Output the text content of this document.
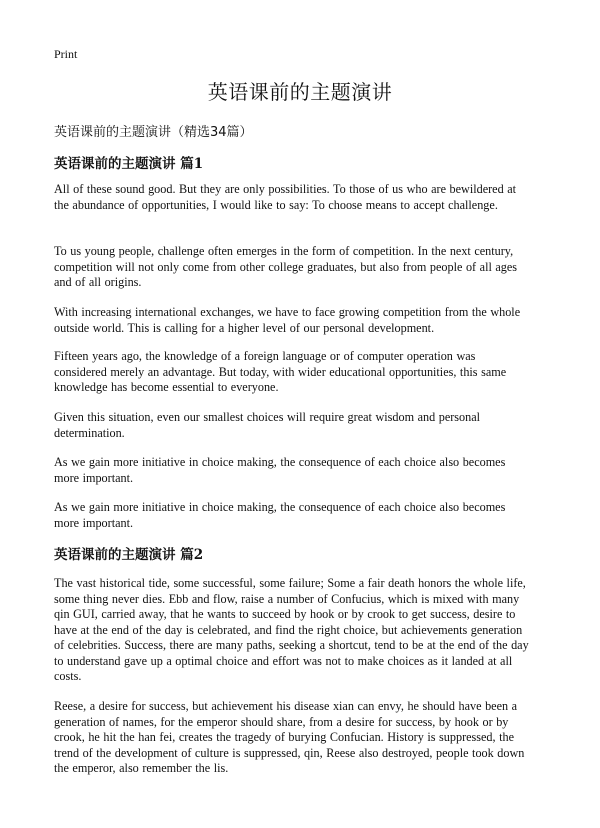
Print
英语课前的主题演讲
英语课前的主题演讲（精选34篇）
英语课前的主题演讲 篇1
All of these sound good. But they are only possibilities. To those of us who are bewildered at the abundance of opportunities, I would like to say: To choose means to accept challenge.
To us young people, challenge often emerges in the form of competition. In the next century, competition will not only come from other college graduates, but also from people of all ages and of all origins.
With increasing international exchanges, we have to face growing competition from the whole outside world. This is calling for a higher level of our personal development.
Fifteen years ago, the knowledge of a foreign language or of computer operation was considered merely an advantage. But today, with wider educational opportunities, this same knowledge has become essential to everyone.
Given this situation, even our smallest choices will require great wisdom and personal determination.
As we gain more initiative in choice making, the consequence of each choice also becomes more important.
As we gain more initiative in choice making, the consequence of each choice also becomes more important.
英语课前的主题演讲 篇2
The vast historical tide, some successful, some failure; Some a fair death honors the whole life, some thing never dies. Ebb and flow, raise a number of Confucius, which is mixed with many qin GUI, carried away, that he wants to succeed by hook or by crook to get success, desire to have at the end of the day is celebrated, and find the right choice, but achievements generation of celebrities. Success, there are many paths, seeking a shortcut, tend to be at the end of the day to understand gave up a optimal choice and effort was not to make choices as it landed at all costs.
Reese, a desire for success, but achievement his disease xian can envy, he should have been a generation of names, for the emperor should share, from a desire for success, by hook or by crook, he hit the han fei, creates the tragedy of burying Confucian. History is suppressed, the trend of the development of culture is suppressed, qin, Reese also destroyed, people took down the emperor, also remember the lis.
